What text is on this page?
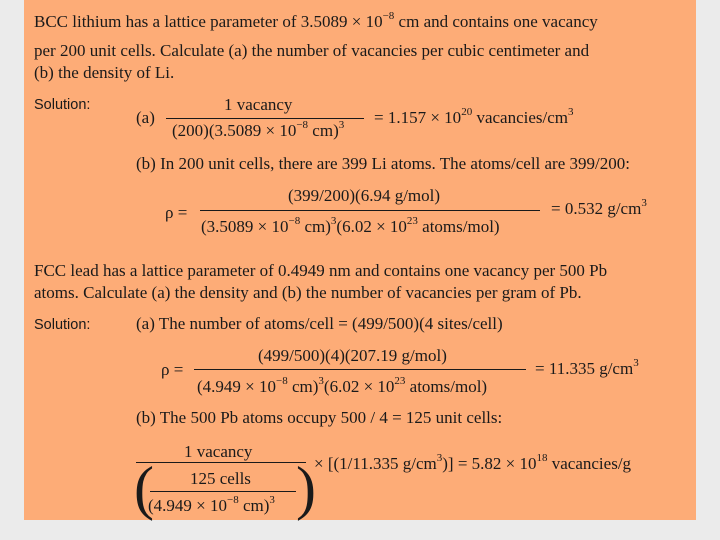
BCC lithium has a lattice parameter of $3.5089 \times 10^{-8}$ cm and contains one vacancy
per 200 unit cells. Calculate (a) the number of vacancies per cubic centimeter and
(b) the density of Li.
Solution:
(a)
1 vacancy
$(200)(3.5089 \times 10^{-8}$ $cm)^3 = 1.157 \times 10^{20}$ vacancies/$cm^3$
(b) In 200 unit cells, there are 399 Li atoms. The atoms/cell are 399/200:
ρ =
(399/200)(6.94 g/mol)
($3.5089 \times 10^{-8}$ $cm)^3(6.02 \times 10^{23}$ atoms/mol)
= 0.532 $g/cm^3$
FCC lead has a lattice parameter of 0.4949 nm and contains one vacancy per 500 Pb
atoms. Calculate (a) the density and (b) the number of vacancies per gram of Pb.
Solution:	(a) The number of atoms/cell = (499/500)(4 sites/cell)
ρ =
(499/500)(4)(207.19 g/mol)
($4.949 \times 10^{-8}$ $cm)^3(6.02 \times 10^{23}$ atoms/mol)
= 11.335 $g/cm^3$
(b) The 500 Pb atoms occupy 500 / 4 = 125 unit cells:
1 vacancy
( 125 cells
($4.949 \times 10^{-8}$ cm)$^3$ )
× [(1/11.335 $g/cm^3)] = 5.82 \times 10^{18}$ vacancies/g
